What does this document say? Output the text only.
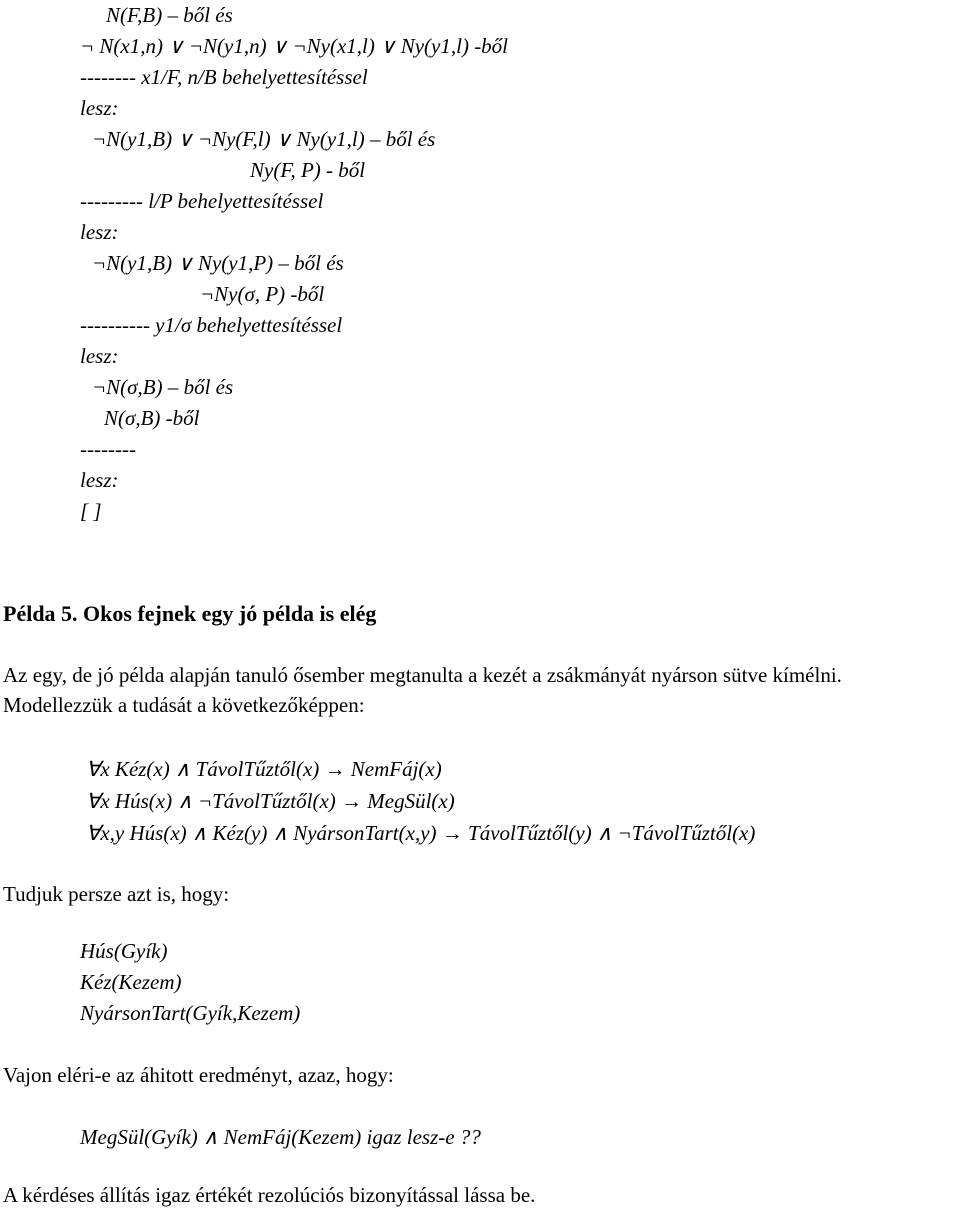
N(F,B) – ből és

¬ N(x1,n) ∨ ¬N(y1,n) ∨ ¬Ny(x1,l) ∨ Ny(y1,l) -ből

-------- x1/F, n/B behelyettesítéssel

lesz:

¬N(y1,B) ∨ ¬Ny(F,l) ∨ Ny(y1,l) – ből és

Ny(F, P) - ből

--------- l/P behelyettesítéssel

lesz:

¬N(y1,B) ∨ Ny(y1,P) – ből és

¬Ny(σ, P) -ből

---------- y1/σ behelyettesítéssel

lesz:

¬N(σ,B) – ből és

N(σ,B) -ből

--------

lesz:

[ ]

Példa 5. Okos fejnek egy jó példa is elég

Az egy, de jó példa alapján tanuló ősember megtanulta a kezét a zsákmányát nyárson sütve kímélni. Modellezzük a tudását a következőképpen:

∀x Kéz(x) ∧ TávolTűztől(x) → NemFáj(x)

∀x Hús(x) ∧ ¬TávolTűztől(x) → MegSül(x)

∀x,y Hús(x) ∧ Kéz(y) ∧ NyársonTart(x,y) → TávolTűztől(y) ∧ ¬TávolTűztől(x)

Tudjuk persze azt is, hogy:

Hús(Gyík)

Kéz(Kezem)

NyársonTart(Gyík,Kezem)

Vajon eléri-e az áhitott eredményt, azaz, hogy:

MegSül(Gyík) ∧ NemFáj(Kezem) igaz lesz-e ??

A kérdéses állítás igaz értékét rezolúciós bizonyítással lássa be.
